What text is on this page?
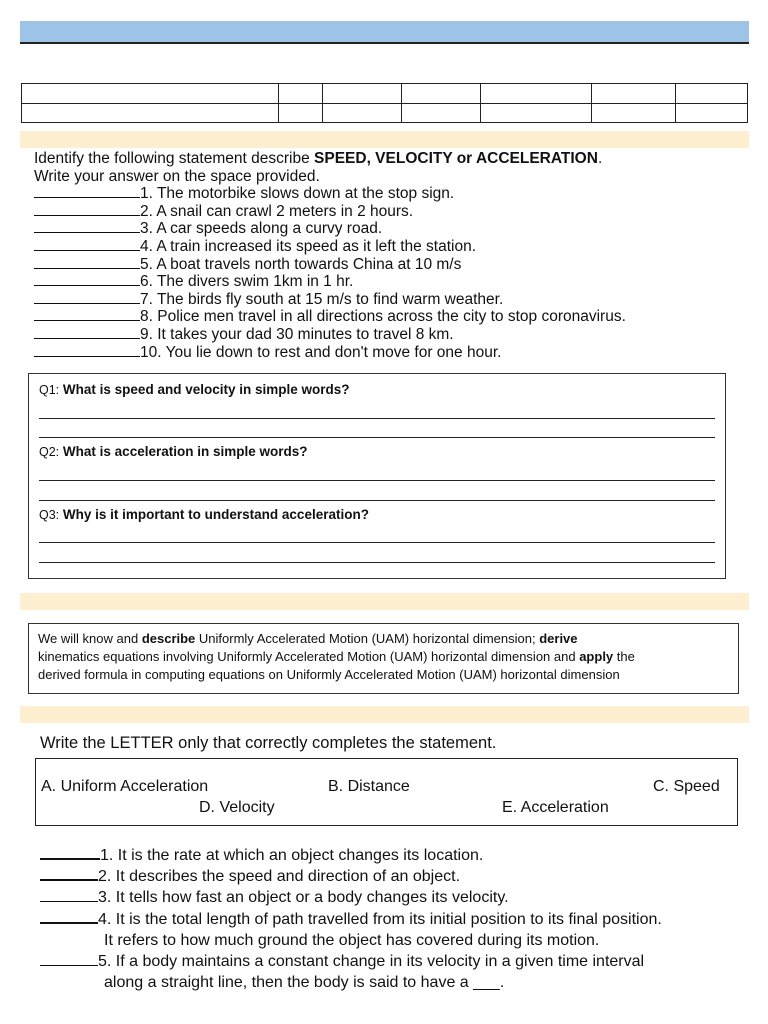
Identify the following statement describe SPEED, VELOCITY or ACCELERATION.
Write your answer on the space provided.
1. The motorbike slows down at the stop sign.
2. A snail can crawl 2 meters in 2 hours.
3. A car speeds along a curvy road.
4. A train increased its speed as it left the station.
5. A boat travels north towards China at 10 m/s
6. The divers swim 1km in 1 hr.
7. The birds fly south at 15 m/s to find warm weather.
8. Police men travel in all directions across the city to stop coronavirus.
9. It takes your dad 30 minutes to travel 8 km.
10. You lie down to rest and don't move for one hour.
Q1: What is speed and velocity in simple words?
Q2: What is acceleration in simple words?
Q3: Why is it important to understand acceleration?
We will know and describe Uniformly Accelerated Motion (UAM) horizontal dimension; derive
kinematics equations involving Uniformly Accelerated Motion (UAM) horizontal dimension and apply the
derived formula in computing equations on Uniformly Accelerated Motion (UAM) horizontal dimension
Write the LETTER only that correctly completes the statement.
A. Uniform Acceleration	B. Distance	C. Speed
D. Velocity	E. Acceleration
1. It is the rate at which an object changes its location.
2. It describes the speed and direction of an object.
3. It tells how fast an object or a body changes its velocity.
4. It is the total length of path travelled from its initial position to its final position.
It refers to how much ground the object has covered during its motion.
5. If a body maintains a constant change in its velocity in a given time interval
along a straight line, then the body is said to have a ___.
